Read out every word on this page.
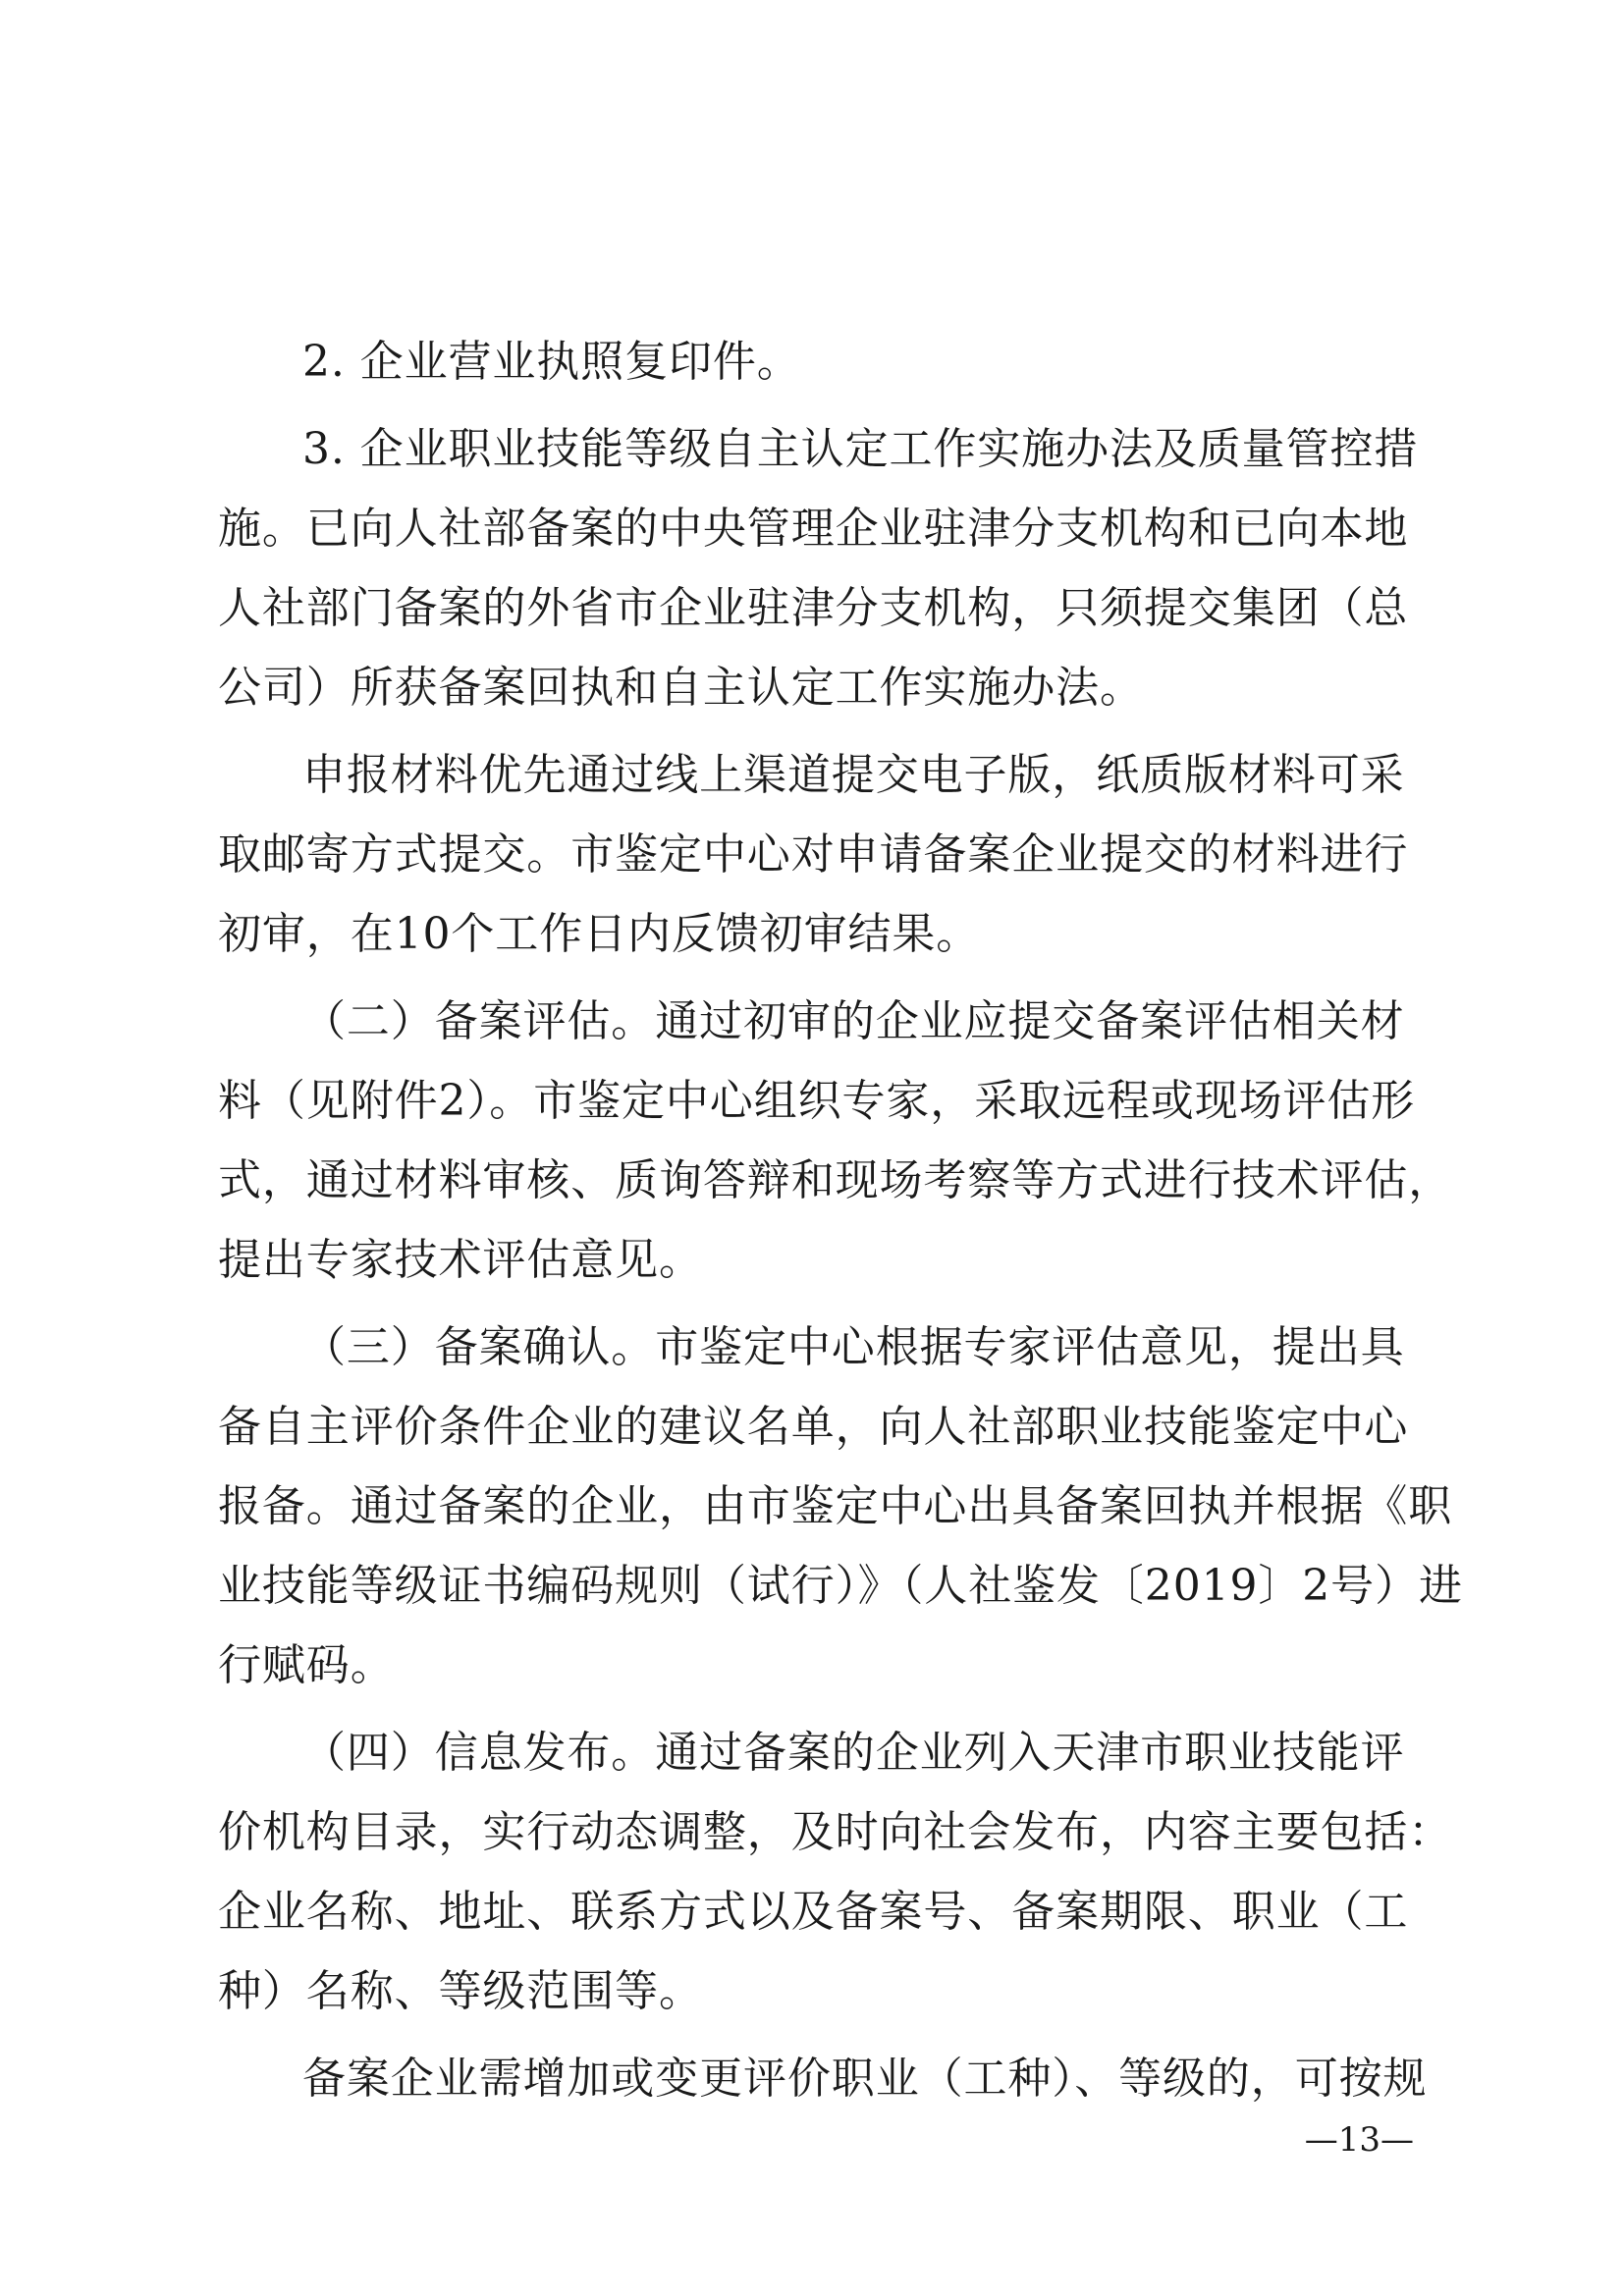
2. 企业营业执照复印件。
3. 企业职业技能等级自主认定工作实施办法及质量管控措
施。已向人社部备案的中央管理企业驻津分支机构和已向本地
人社部门备案的外省市企业驻津分支机构，只须提交集团（总
公司）所获备案回执和自主认定工作实施办法。
申报材料优先通过线上渠道提交电子版，纸质版材料可采
取邮寄方式提交。市鉴定中心对申请备案企业提交的材料进行
初审，在10个工作日内反馈初审结果。
（二）备案评估。通过初审的企业应提交备案评估相关材
料（见附件2）。市鉴定中心组织专家，采取远程或现场评估形
式，通过材料审核、质询答辩和现场考察等方式进行技术评估，
提出专家技术评估意见。
（三）备案确认。市鉴定中心根据专家评估意见，提出具
备自主评价条件企业的建议名单，向人社部职业技能鉴定中心
报备。通过备案的企业，由市鉴定中心出具备案回执并根据《职
业技能等级证书编码规则（试行）》（人社鉴发〔2019〕2号）进
行赋码。
（四）信息发布。通过备案的企业列入天津市职业技能评
价机构目录，实行动态调整，及时向社会发布，内容主要包括：
企业名称、地址、联系方式以及备案号、备案期限、职业（工
种）名称、等级范围等。
备案企业需增加或变更评价职业（工种）、等级的，可按规
—13—
